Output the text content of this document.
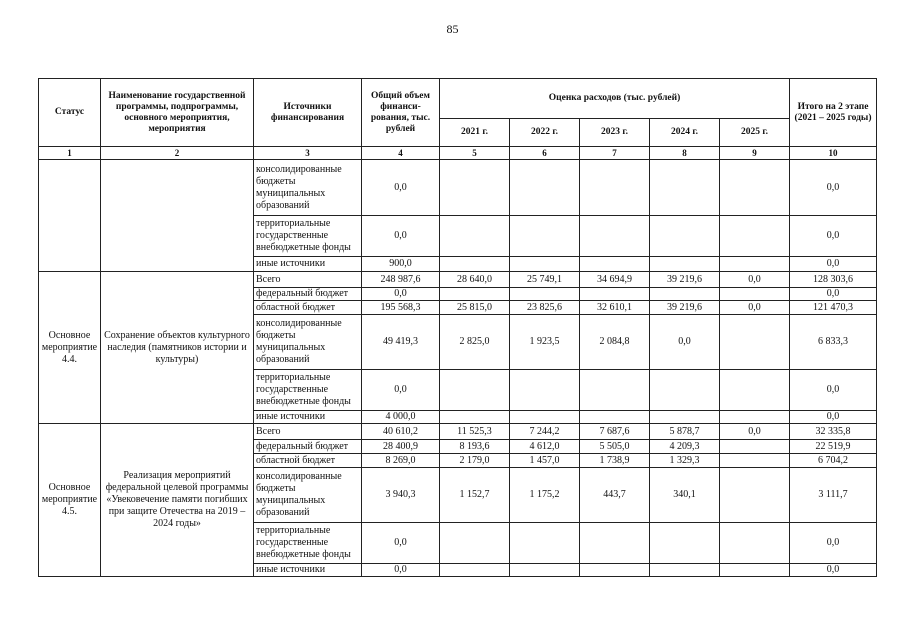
85
Статус	Наименование государственной программы, подпрограммы, основного мероприятия, мероприятия	Источники финансирования	Общий объем финанси-рования, тыс. рублей	Оценка расходов (тыс. рублей)					Итого на 2 этапе (2021 – 2025 годы)
				2021 г.	2022 г.	2023 г.	2024 г.	2025 г.	
1	2	3	4	5	6	7	8	9	10
		консолидированные бюджеты муниципальных образований	0,0						0,0
		территориальные государственные внебюджетные фонды	0,0						0,0
		иные источники	900,0						0,0
Основное мероприятие 4.4.	Сохранение объектов культурного наследия (памятников истории и культуры)	Всего	248 987,6	28 640,0	25 749,1	34 694,9	39 219,6	0,0	128 303,6
		федеральный бюджет	0,0						0,0
		областной бюджет	195 568,3	25 815,0	23 825,6	32 610,1	39 219,6	0,0	121 470,3
		консолидированные бюджеты муниципальных образований	49 419,3	2 825,0	1 923,5	2 084,8	0,0		6 833,3
		территориальные государственные внебюджетные фонды	0,0						0,0
		иные источники	4 000,0						0,0
Основное мероприятие 4.5.	Реализация мероприятий федеральной целевой программы «Увековечение памяти погибших при защите Отечества на 2019 – 2024 годы»	Всего	40 610,2	11 525,3	7 244,2	7 687,6	5 878,7	0,0	32 335,8
		федеральный бюджет	28 400,9	8 193,6	4 612,0	5 505,0	4 209,3		22 519,9
		областной бюджет	8 269,0	2 179,0	1 457,0	1 738,9	1 329,3		6 704,2
		консолидированные бюджеты муниципальных образований	3 940,3	1 152,7	1 175,2	443,7	340,1		3 111,7
		территориальные государственные внебюджетные фонды	0,0						0,0
		иные источники	0,0						0,0
